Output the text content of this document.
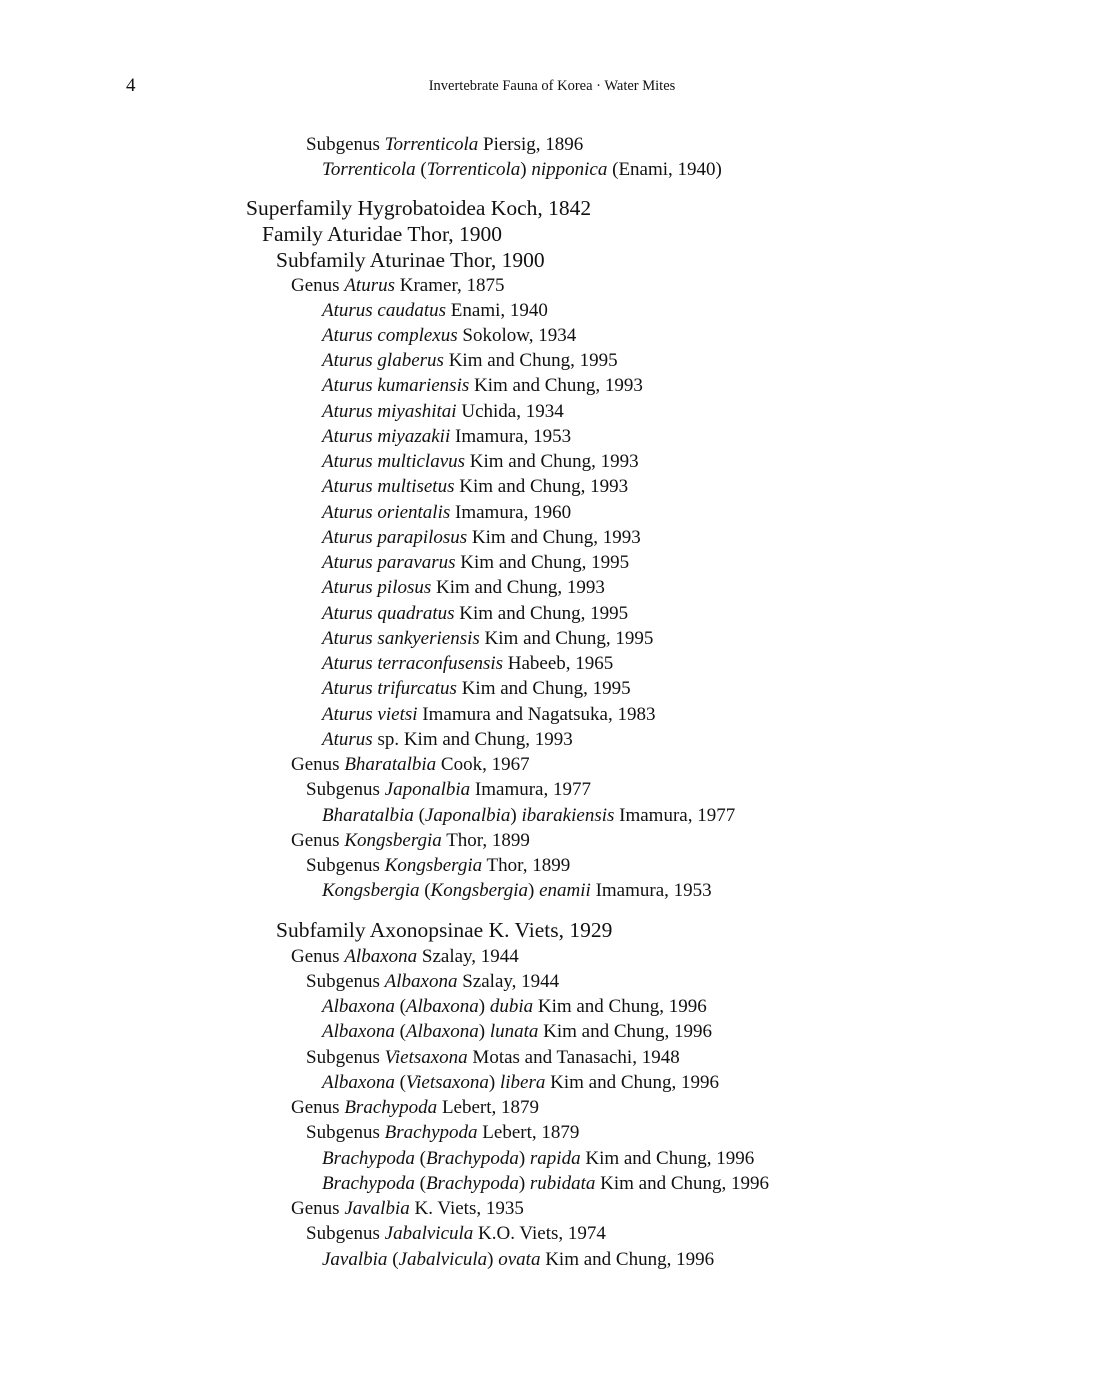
4	Invertebrate Fauna of Korea · Water Mites
Subgenus Torrenticola Piersig, 1896
Torrenticola (Torrenticola) nipponica (Enami, 1940)
Superfamily Hygrobatoidea Koch, 1842
Family Aturidae Thor, 1900
Subfamily Aturinae Thor, 1900
Genus Aturus Kramer, 1875
Aturus caudatus Enami, 1940
Aturus complexus Sokolow, 1934
Aturus glaberus Kim and Chung, 1995
Aturus kumariensis Kim and Chung, 1993
Aturus miyashitai Uchida, 1934
Aturus miyazakii Imamura, 1953
Aturus multiclavus Kim and Chung, 1993
Aturus multisetus Kim and Chung, 1993
Aturus orientalis Imamura, 1960
Aturus parapilosus Kim and Chung, 1993
Aturus paravarus Kim and Chung, 1995
Aturus pilosus Kim and Chung, 1993
Aturus quadratus Kim and Chung, 1995
Aturus sankyeriensis Kim and Chung, 1995
Aturus terraconfusensis Habeeb, 1965
Aturus trifurcatus Kim and Chung, 1995
Aturus vietsi Imamura and Nagatsuka, 1983
Aturus sp. Kim and Chung, 1993
Genus Bharatalbia Cook, 1967
Subgenus Japonalbia Imamura, 1977
Bharatalbia (Japonalbia) ibarakiensis Imamura, 1977
Genus Kongsbergia Thor, 1899
Subgenus Kongsbergia Thor, 1899
Kongsbergia (Kongsbergia) enamii Imamura, 1953
Subfamily Axonopsinae K. Viets, 1929
Genus Albaxona Szalay, 1944
Subgenus Albaxona Szalay, 1944
Albaxona (Albaxona) dubia Kim and Chung, 1996
Albaxona (Albaxona) lunata Kim and Chung, 1996
Subgenus Vietsaxona Motas and Tanasachi, 1948
Albaxona (Vietsaxona) libera Kim and Chung, 1996
Genus Brachypoda Lebert, 1879
Subgenus Brachypoda Lebert, 1879
Brachypoda (Brachypoda) rapida Kim and Chung, 1996
Brachypoda (Brachypoda) rubidata Kim and Chung, 1996
Genus Javalbia K. Viets, 1935
Subgenus Jabalvicula K.O. Viets, 1974
Javalbia (Jabalvicula) ovata Kim and Chung, 1996
